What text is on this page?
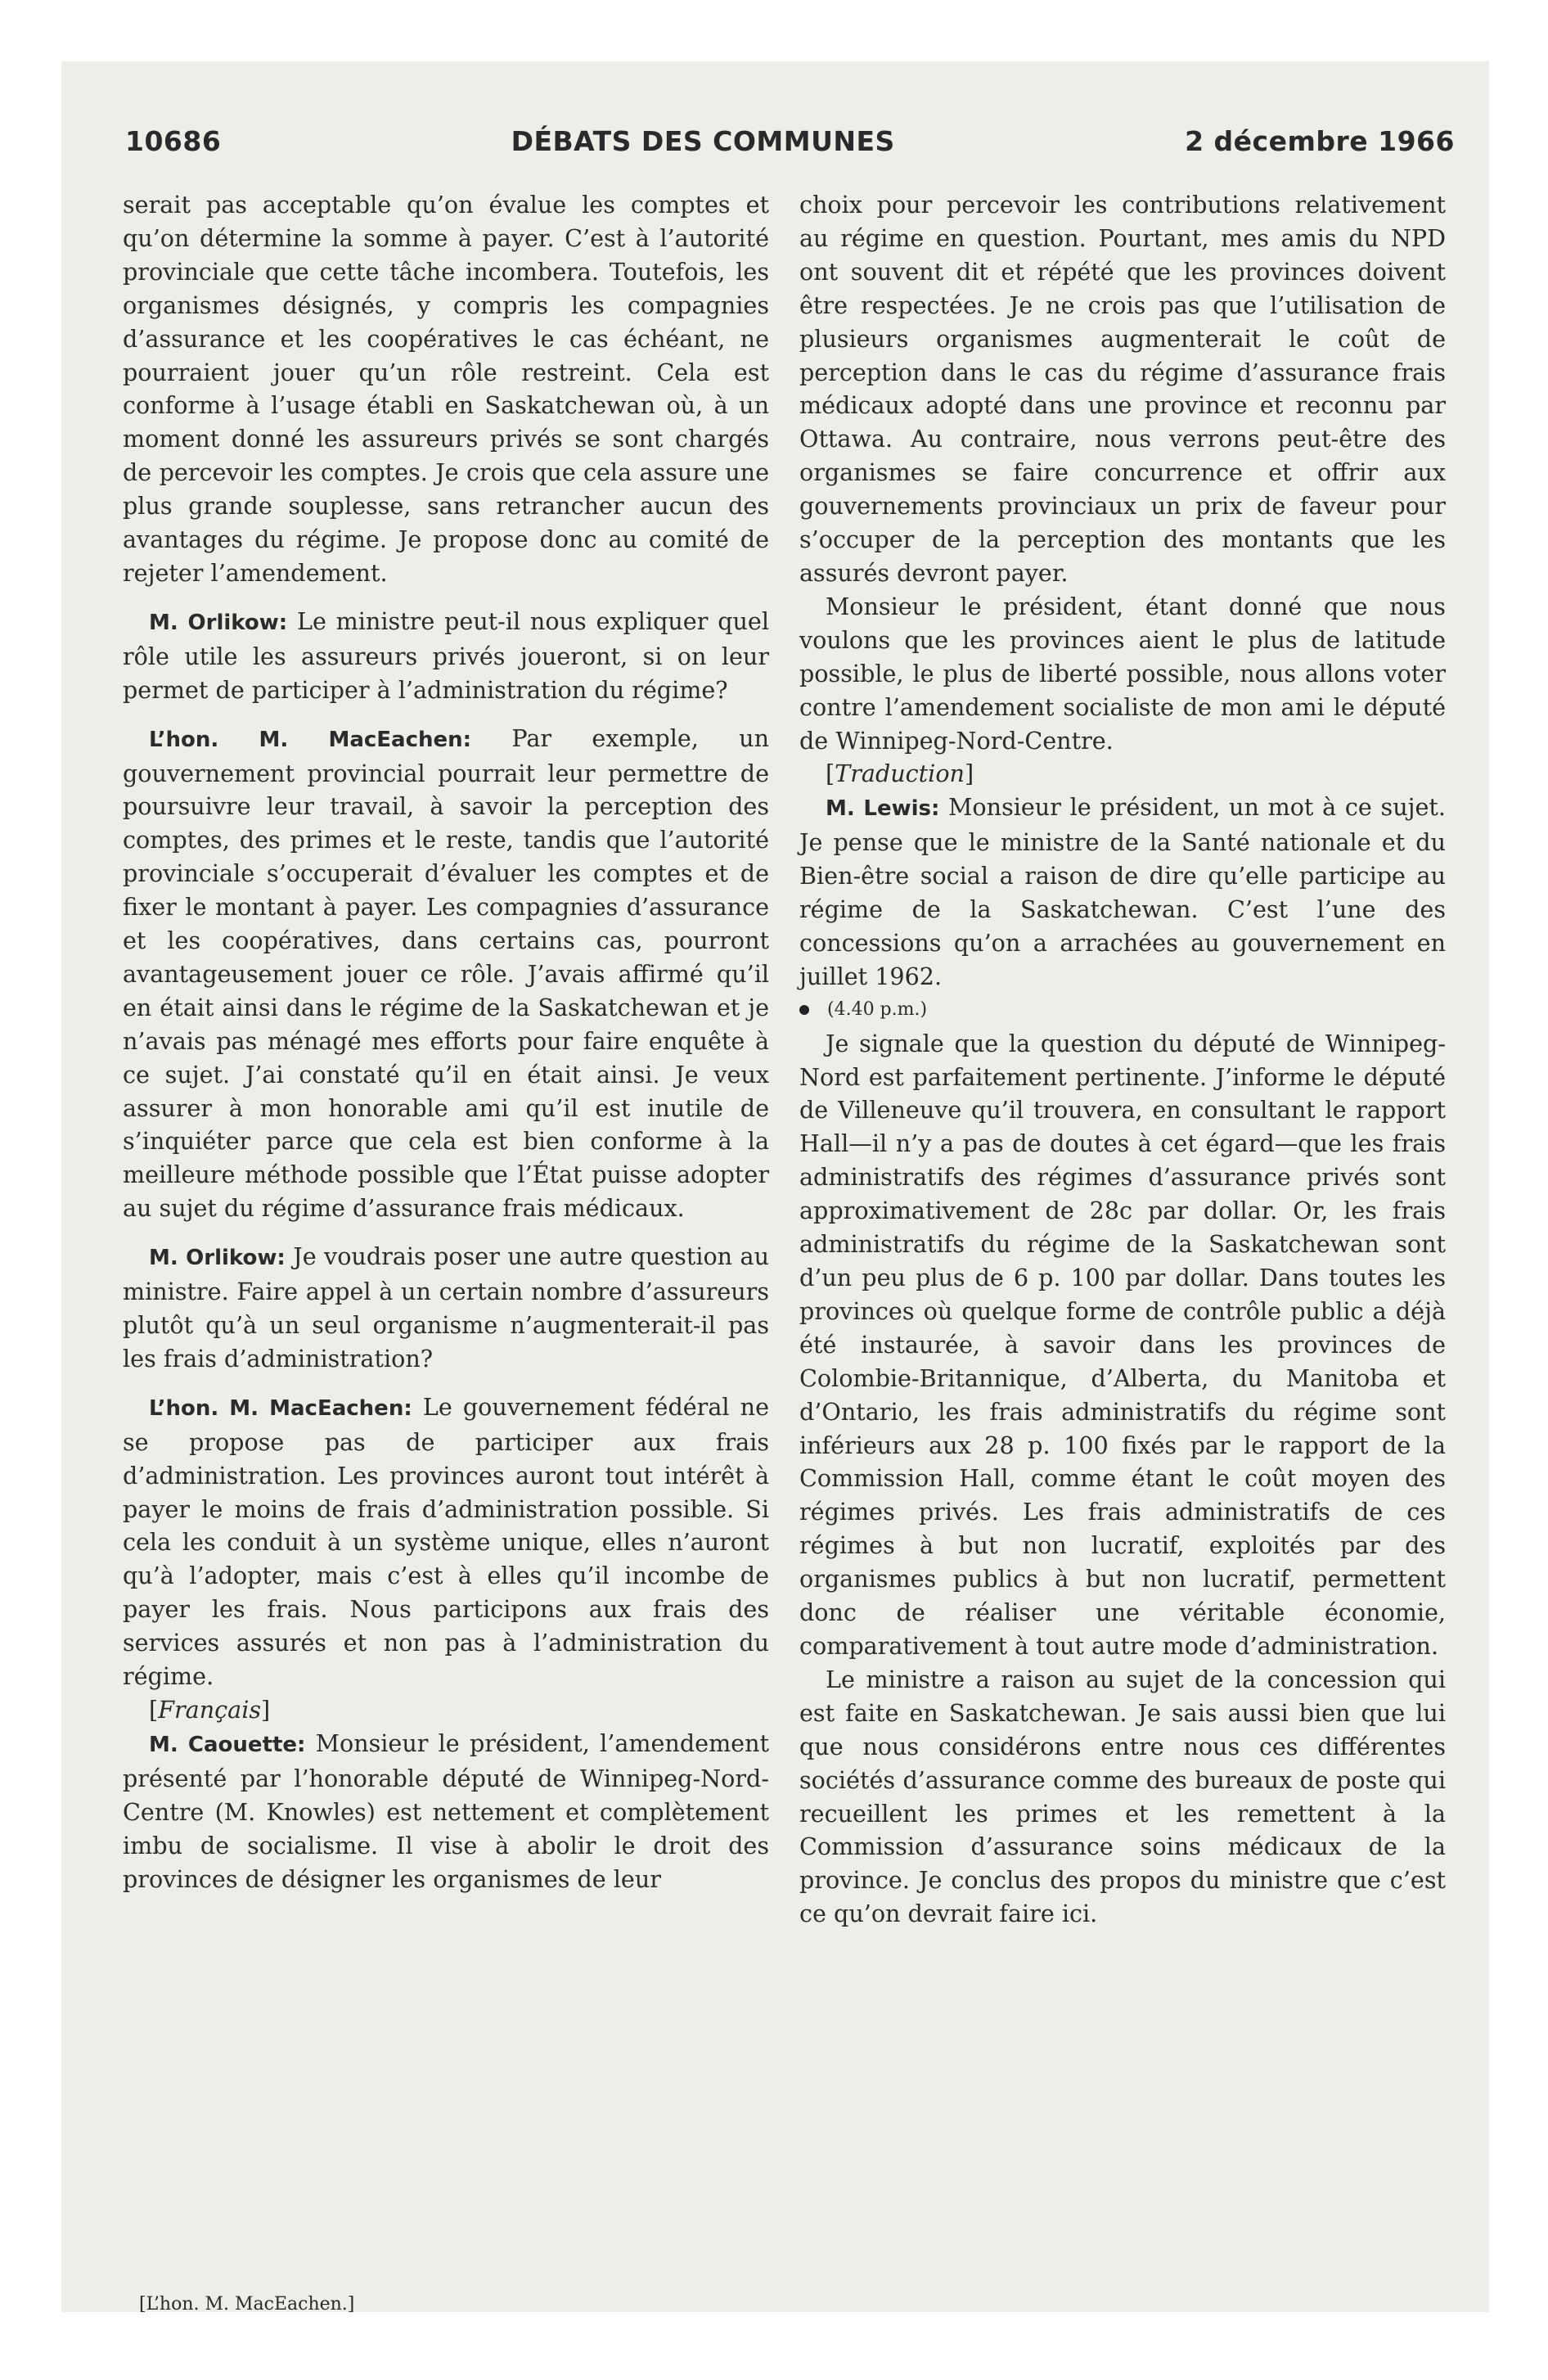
10686	DÉBATS DES COMMUNES	2 décembre 1966

serait pas acceptable qu’on évalue les comptes et qu’on détermine la somme à payer. C’est à l’autorité provinciale que cette tâche incombera. Toutefois, les organismes désignés, y compris les compagnies d’assurance et les coopératives le cas échéant, ne pourraient jouer qu’un rôle restreint. Cela est conforme à l’usage établi en Saskatchewan où, à un moment donné les assureurs privés se sont chargés de percevoir les comptes. Je crois que cela assure une plus grande souplesse, sans retrancher aucun des avantages du régime. Je propose donc au comité de rejeter l’amendement.

M. Orlikow: Le ministre peut-il nous expliquer quel rôle utile les assureurs privés joueront, si on leur permet de participer à l’administration du régime?

L’hon. M. MacEachen: Par exemple, un gouvernement provincial pourrait leur permettre de poursuivre leur travail, à savoir la perception des comptes, des primes et le reste, tandis que l’autorité provinciale s’occuperait d’évaluer les comptes et de fixer le montant à payer. Les compagnies d’assurance et les coopératives, dans certains cas, pourront avantageusement jouer ce rôle. J’avais affirmé qu’il en était ainsi dans le régime de la Saskatchewan et je n’avais pas ménagé mes efforts pour faire enquête à ce sujet. J’ai constaté qu’il en était ainsi. Je veux assurer à mon honorable ami qu’il est inutile de s’inquiéter parce que cela est bien conforme à la meilleure méthode possible que l’État puisse adopter au sujet du régime d’assurance frais médicaux.

M. Orlikow: Je voudrais poser une autre question au ministre. Faire appel à un certain nombre d’assureurs plutôt qu’à un seul organisme n’augmenterait-il pas les frais d’administration?

L’hon. M. MacEachen: Le gouvernement fédéral ne se propose pas de participer aux frais d’administration. Les provinces auront tout intérêt à payer le moins de frais d’administration possible. Si cela les conduit à un système unique, elles n’auront qu’à l’adopter, mais c’est à elles qu’il incombe de payer les frais. Nous participons aux frais des services assurés et non pas à l’administration du régime.

[Français]

M. Caouette: Monsieur le président, l’amendement présenté par l’honorable député de Winnipeg-Nord-Centre (M. Knowles) est nettement et complètement imbu de socialisme. Il vise à abolir le droit des provinces de désigner les organismes de leur

choix pour percevoir les contributions relativement au régime en question. Pourtant, mes amis du NPD ont souvent dit et répété que les provinces doivent être respectées. Je ne crois pas que l’utilisation de plusieurs organismes augmenterait le coût de perception dans le cas du régime d’assurance frais médicaux adopté dans une province et reconnu par Ottawa. Au contraire, nous verrons peut-être des organismes se faire concurrence et offrir aux gouvernements provinciaux un prix de faveur pour s’occuper de la perception des montants que les assurés devront payer.

Monsieur le président, étant donné que nous voulons que les provinces aient le plus de latitude possible, le plus de liberté possible, nous allons voter contre l’amendement socialiste de mon ami le député de Winnipeg-Nord-Centre.

[Traduction]

M. Lewis: Monsieur le président, un mot à ce sujet. Je pense que le ministre de la Santé nationale et du Bien-être social a raison de dire qu’elle participe au régime de la Saskatchewan. C’est l’une des concessions qu’on a arrachées au gouvernement en juillet 1962.

(4.40 p.m.)

Je signale que la question du député de Winnipeg-Nord est parfaitement pertinente. J’informe le député de Villeneuve qu’il trouvera, en consultant le rapport Hall—il n’y a pas de doutes à cet égard—que les frais administratifs des régimes d’assurance privés sont approximativement de 28c par dollar. Or, les frais administratifs du régime de la Saskatchewan sont d’un peu plus de 6 p. 100 par dollar. Dans toutes les provinces où quelque forme de contrôle public a déjà été instaurée, à savoir dans les provinces de Colombie-Britannique, d’Alberta, du Manitoba et d’Ontario, les frais administratifs du régime sont inférieurs aux 28 p. 100 fixés par le rapport de la Commission Hall, comme étant le coût moyen des régimes privés. Les frais administratifs de ces régimes à but non lucratif, exploités par des organismes publics à but non lucratif, permettent donc de réaliser une véritable économie, comparativement à tout autre mode d’administration.

Le ministre a raison au sujet de la concession qui est faite en Saskatchewan. Je sais aussi bien que lui que nous considérons entre nous ces différentes sociétés d’assurance comme des bureaux de poste qui recueillent les primes et les remettent à la Commission d’assurance soins médicaux de la province. Je conclus des propos du ministre que c’est ce qu’on devrait faire ici.

[L’hon. M. MacEachen.]
